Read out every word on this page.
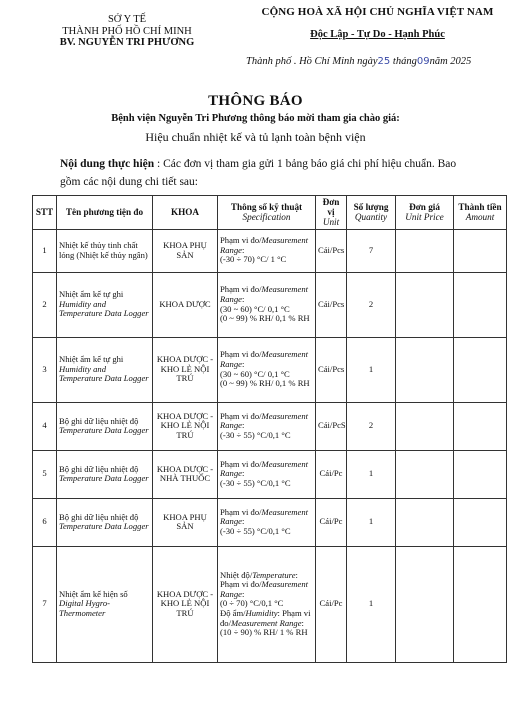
SỞ Y TẾ
THÀNH PHỐ HỒ CHÍ MINH
BV. NGUYỄN TRI PHƯƠNG
CỘNG HOÀ XÃ HỘI CHỦ NGHĨA VIỆT NAM
Độc Lập - Tự Do - Hạnh Phúc
Thành phố . Hồ Chí Minh ngày25 tháng09năm 2025
THÔNG BÁO
Bệnh viện Nguyễn Tri Phương thông báo mời tham gia chào giá:
Hiệu chuẩn nhiệt kế và tủ lạnh toàn bệnh viện
Nội dung thực hiện : Các đơn vị tham gia gửi 1 bảng báo giá chi phí hiệu chuẩn. Bao
gồm các nội dung chi tiết sau:
STT	Tên phương tiện đo	KHOA	Thông số kỹ thuật
Specification	Đơn vị
Unit	Số lượng
Quantity	Đơn giá
Unit Price	Thành tiền
Amount

1	Nhiệt kế thủy tinh chất lỏng (Nhiệt kế thủy ngân)	KHOA PHỤ SẢN	Phạm vi đo/Measurement Range:
(-30 ÷ 70) °C/ 1 °C	Cái/Pcs	7		
2	Nhiệt ẩm kế tự ghi
Humidity and Temperature Data Logger	KHOA DƯỢC	Phạm vi đo/Measurement Range:
(30 ~ 60) °C/ 0,1 °C
(0 ~ 99) % RH/ 0,1 % RH	Cái/Pcs	2		
3	Nhiệt ẩm kế tự ghi
Humidity and Temperature Data Logger	KHOA DƯỢC - KHO LẺ NỘI TRÚ	Phạm vi đo/Measurement Range:
(30 ~ 60) °C/ 0,1 °C
(0 ~ 99) % RH/ 0,1 % RH	Cái/Pcs	1		
4	Bộ ghi dữ liệu nhiệt độ
Temperature Data Logger	KHOA DƯỢC - KHO LẺ NỘI TRÚ	Phạm vi đo/Measurement Range:
(-30 ÷ 55) °C/0,1 °C	Cái/PcS	2		
5	Bộ ghi dữ liệu nhiệt độ
Temperature Data Logger	KHOA DƯỢC - NHÀ THUỐC	Phạm vi đo/Measurement Range:
(-30 ÷ 55) °C/0,1 °C	Cái/Pc	1		
6	Bộ ghi dữ liệu nhiệt độ
Temperature Data Logger	KHOA PHỤ SẢN	Phạm vi đo/Measurement Range:
(-30 ÷ 55) °C/0,1 °C	Cái/Pc	1		
7	Nhiệt ẩm kế hiện số
Digital Hygro-Thermometer	KHOA DƯỢC - KHO LẺ NỘI TRÚ	Nhiệt độ/Temperature: Phạm vi đo/Measurement Range:
(0 ÷ 70) °C/0,1 °C
Độ ẩm/Humidity: Phạm vi đo/Measurement Range:
(10 ÷ 90) % RH/ 1 % RH	Cái/Pc	1		
